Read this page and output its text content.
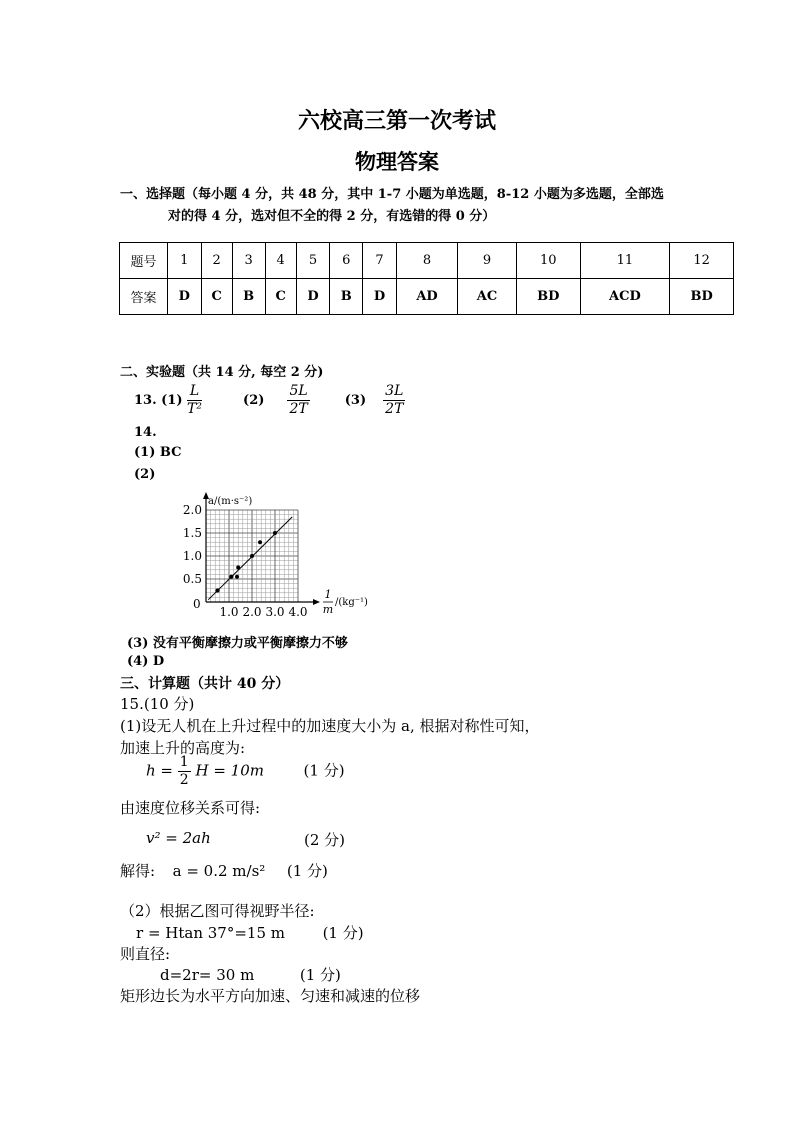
六校高三第一次考试
物理答案
一、选择题（每小题 4 分，共 48 分，其中 1-7 小题为单选题，8-12 小题为多选题，全部选
对的得 4 分，选对但不全的得 2 分，有选错的得 0 分）
题号	1	2	3	4	5	6	7	8	9	10	11	12
答案	D	C	B	C	D	B	D	AD	AC	BD	ACD	BD
二、实验题（共 14 分, 每空 2 分)
13. $(1) \frac{L}{\text{T²}}$	$(2) \frac{5L}{2T}$	$(3) \frac{3L}{2T}$
14.
(1) BC
(2)
0.5
1.0
1.5
2.0
1.0 2.0 3.0 4.0
a/(m·s⁻²)
0
1
m
/(kg⁻¹)
(3) 没有平衡摩擦力或平衡摩擦力不够
(4) D
三、计算题（共计 40 分）
15.(10 分)
(1)设无人机在上升过程中的加速度大小为 a, 根据对称性可知，
加速上升的高度为:
$h = \frac{1}{2}$ H = 10m	(1 分)
由速度位移关系可得:
v² = 2ah	(2 分)
解得: a = 0.2 m/s² (1 分)
（2）根据乙图可得视野半径:
r = Htan 37°=15 m	(1 分)
则直径:
d=2r= 30 m	(1 分)
矩形边长为水平方向加速、匀速和减速的位移
